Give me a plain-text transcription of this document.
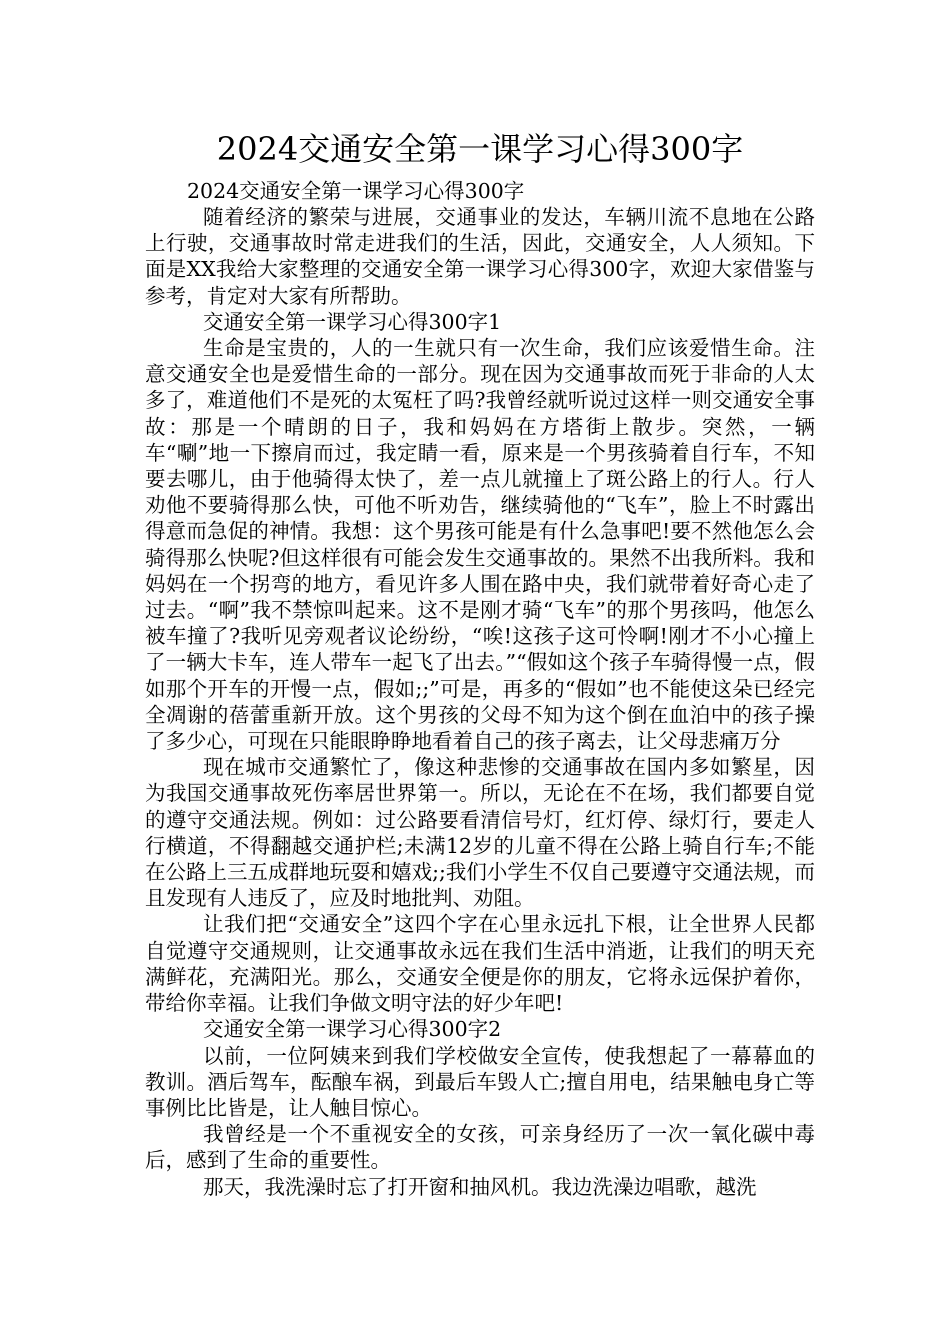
2024交通安全第一课学习心得300字

2024交通安全第一课学习心得300字

随着经济的繁荣与进展，交通事业的发达，车辆川流不息地在公路上行驶，交通事故时常走进我们的生活，因此，交通安全，人人须知。下面是XX我给大家整理的交通安全第一课学习心得300字，欢迎大家借鉴与参考，肯定对大家有所帮助。

交通安全第一课学习心得300字1

生命是宝贵的，人的一生就只有一次生命，我们应该爱惜生命。注意交通安全也是爱惜生命的一部分。现在因为交通事故而死于非命的人太多了，难道他们不是死的太冤枉了吗?我曾经就听说过这样一则交通安全事故：那是一个晴朗的日子，我和妈妈在方塔街上散步。突然，一辆车“唰”地一下擦肩而过，我定睛一看，原来是一个男孩骑着自行车，不知要去哪儿，由于他骑得太快了，差一点儿就撞上了斑公路上的行人。行人劝他不要骑得那么快，可他不听劝告，继续骑他的“飞车”，脸上不时露出得意而急促的神情。我想：这个男孩可能是有什么急事吧!要不然他怎么会骑得那么快呢?但这样很有可能会发生交通事故的。果然不出我所料。我和妈妈在一个拐弯的地方，看见许多人围在路中央，我们就带着好奇心走了过去。“啊”我不禁惊叫起来。这不是刚才骑“飞车”的那个男孩吗，他怎么被车撞了?我听见旁观者议论纷纷，“唉!这孩子这可怜啊!刚才不小心撞上了一辆大卡车，连人带车一起飞了出去。”“假如这个孩子车骑得慢一点，假如那个开车的开慢一点，假如;;”可是，再多的“假如”也不能使这朵已经完全凋谢的蓓蕾重新开放。这个男孩的父母不知为这个倒在血泊中的孩子操了多少心，可现在只能眼睁睁地看着自己的孩子离去，让父母悲痛万分

现在城市交通繁忙了，像这种悲惨的交通事故在国内多如繁星，因为我国交通事故死伤率居世界第一。所以，无论在不在场，我们都要自觉的遵守交通法规。例如：过公路要看清信号灯，红灯停、绿灯行，要走人行横道，不得翻越交通护栏;未满12岁的儿童不得在公路上骑自行车;不能在公路上三五成群地玩耍和嬉戏;;我们小学生不仅自己要遵守交通法规，而且发现有人违反了，应及时地批判、劝阻。

让我们把“交通安全”这四个字在心里永远扎下根，让全世界人民都自觉遵守交通规则，让交通事故永远在我们生活中消逝，让我们的明天充满鲜花，充满阳光。那么，交通安全便是你的朋友，它将永远保护着你，带给你幸福。让我们争做文明守法的好少年吧!

交通安全第一课学习心得300字2

以前，一位阿姨来到我们学校做安全宣传，使我想起了一幕幕血的教训。酒后驾车，酝酿车祸，到最后车毁人亡;擅自用电，结果触电身亡等事例比比皆是，让人触目惊心。

我曾经是一个不重视安全的女孩，可亲身经历了一次一氧化碳中毒后，感到了生命的重要性。

那天，我洗澡时忘了打开窗和抽风机。我边洗澡边唱歌，越洗
